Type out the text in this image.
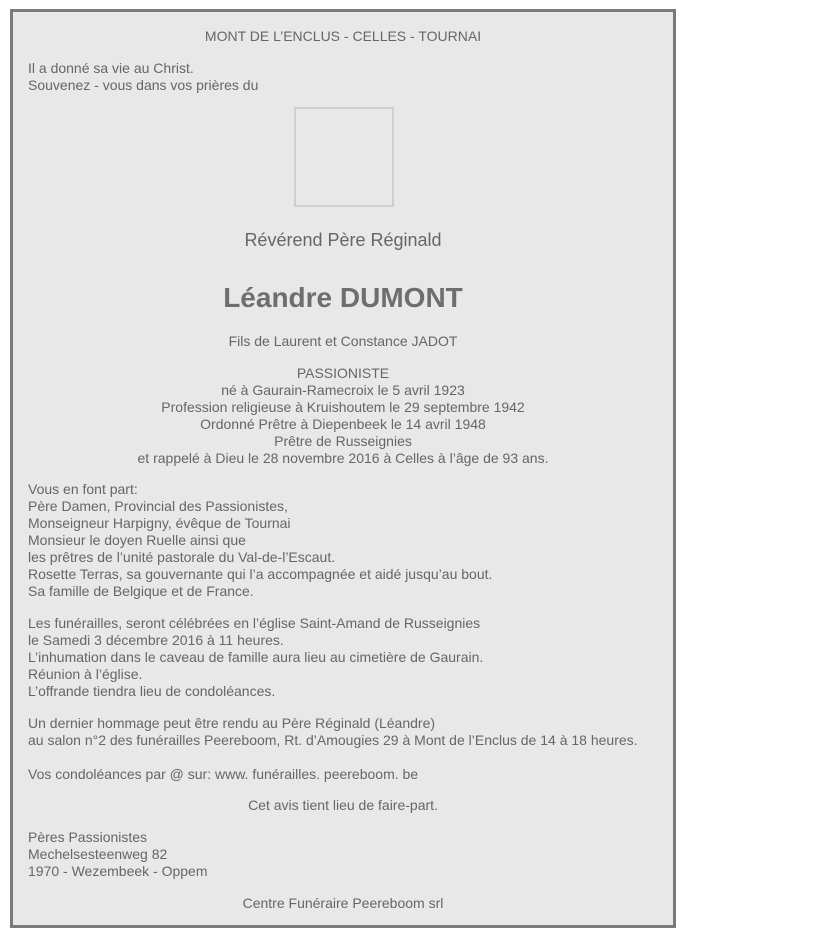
MONT DE L’ENCLUS - CELLES - TOURNAI
Il a donné sa vie au Christ.
Souvenez - vous dans vos prières du
Révérend Père Réginald
Léandre DUMONT
Fils de Laurent et Constance JADOT
PASSIONISTE
né à Gaurain-Ramecroix le 5 avril 1923
Profession religieuse à Kruishoutem le 29 septembre 1942
Ordonné Prêtre à Diepenbeek le 14 avril 1948
Prêtre de Russeignies
et rappelé à Dieu le 28 novembre 2016 à Celles à l’âge de 93 ans.
Vous en font part:
Père Damen, Provincial des Passionistes,
Monseigneur Harpigny, évêque de Tournai
Monsieur le doyen Ruelle ainsi que
les prêtres de l’unité pastorale du Val-de-l’Escaut.
Rosette Terras, sa gouvernante qui l’a accompagnée et aidé jusqu’au bout.
Sa famille de Belgique et de France.
Les funérailles, seront célébrées en l’église Saint-Amand de Russeignies
le Samedi 3 décembre 2016 à 11 heures.
L’inhumation dans le caveau de famille aura lieu au cimetière de Gaurain.
Réunion à l’église.
L’offrande tiendra lieu de condoléances.
Un dernier hommage peut être rendu au Père Réginald (Léandre)
au salon n°2 des funérailles Peereboom, Rt. d’Amougies 29 à Mont de l’Enclus de 14 à 18 heures.
Vos condoléances par @ sur: www. funérailles. peereboom. be
Cet avis tient lieu de faire-part.
Pères Passionistes
Mechelsesteenweg 82
1970 - Wezembeek - Oppem
Centre Funéraire Peereboom srl
